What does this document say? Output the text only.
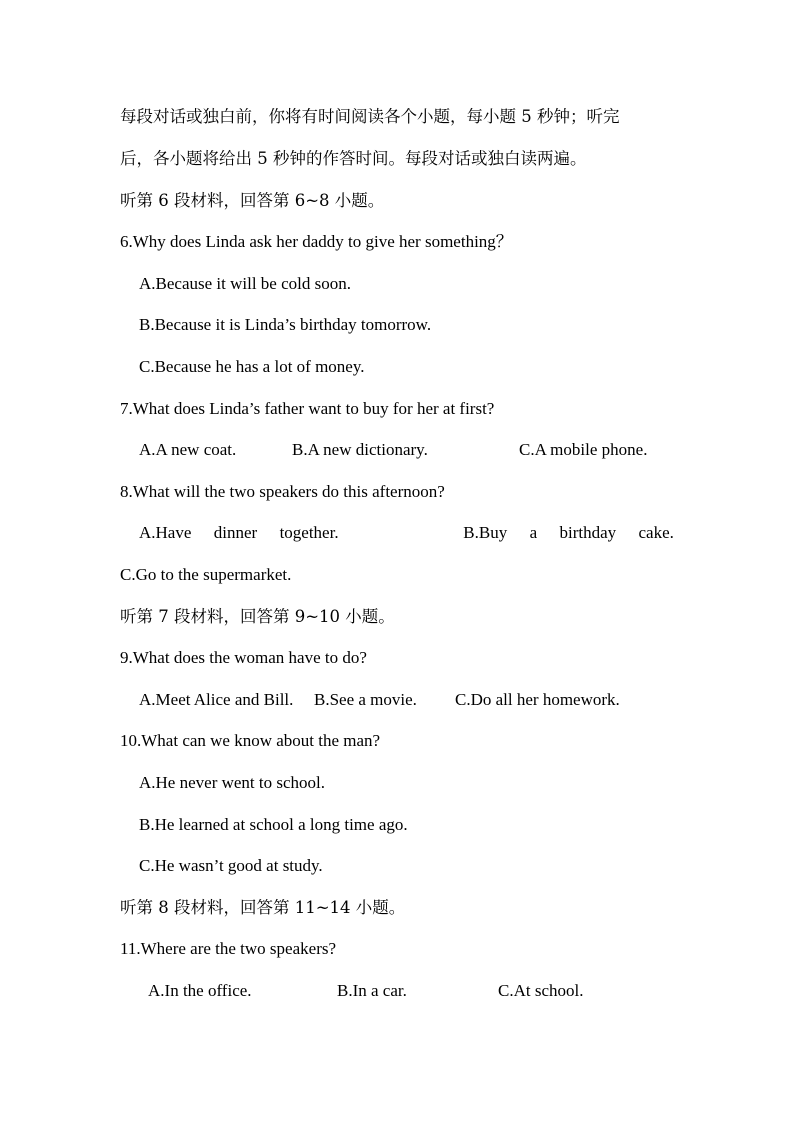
每段对话或独白前，你将有时间阅读各个小题，每小题 5 秒钟；听完
后，各小题将给出 5 秒钟的作答时间。每段对话或独白读两遍。
听第 6 段材料，回答第 6~8 小题。
6.Why does Linda ask her daddy to give her something？
A.Because it will be cold soon.
B.Because it is Linda’s birthday tomorrow.
C.Because he has a lot of money.
7.What does Linda’s father want to buy for her at first?
A.A new coat.	B.A new dictionary.	C.A mobile phone.
8.What will the two speakers do this afternoon?
A.Have dinner together.	B.Buy a birthday cake.
C.Go to the supermarket.
听第 7 段材料，回答第 9~10 小题。
9.What does the woman have to do?
A.Meet Alice and Bill. B.See a movie. C.Do all her homework.
10.What can we know about the man?
A.He never went to school.
B.He learned at school a long time ago.
C.He wasn’t good at study.
听第 8 段材料，回答第 11~14 小题。
11.Where are the two speakers?
A.In the office.	B.In a car.	C.At school.
